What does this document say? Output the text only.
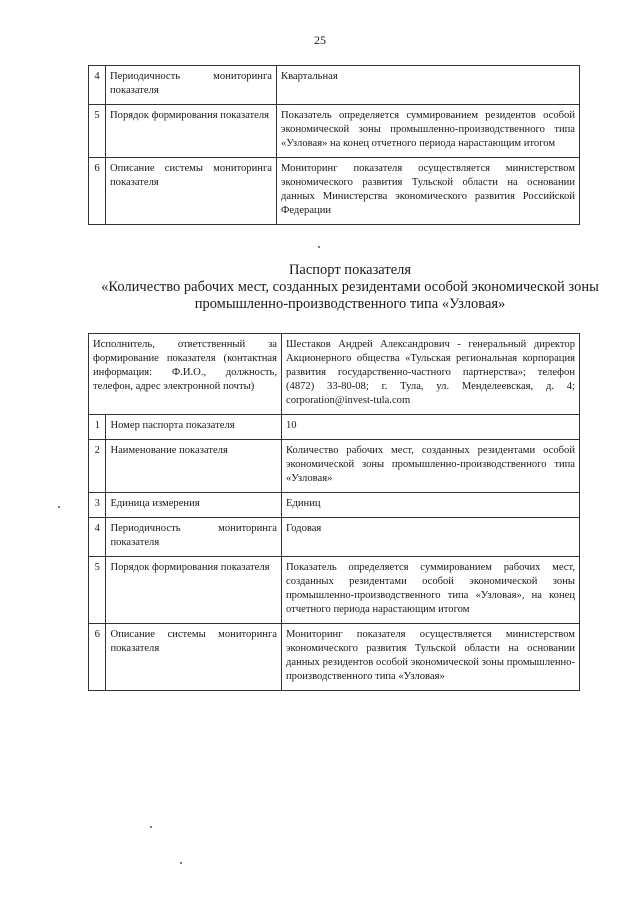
25
4	Периодичность мониторинга показателя	Квартальная
5	Порядок формирования показателя	Показатель определяется суммированием резидентов особой экономической зоны промышленно-производственного типа «Узловая» на конец отчетного периода нарастающим итогом
6	Описание системы мониторинга показателя	Мониторинг показателя осуществляется министерством экономического развития Тульской области на основании данных Министерства экономического развития Российской Федерации
Паспорт показателя
«Количество рабочих мест, созданных резидентами особой экономической зоны промышленно-производственного типа «Узловая»
Исполнитель, ответственный за формирование показателя (контактная информация: Ф.И.О., должность, телефон, адрес электронной почты)		Шестаков Андрей Александрович - генеральный директор Акционерного общества «Тульская региональная корпорация развития государственно-частного партнерства»; телефон (4872) 33-80-08; г. Тула, ул. Менделеевская, д. 4; corporation@invest-tula.com
1	Номер паспорта показателя	10
2	Наименование показателя	Количество рабочих мест, созданных резидентами особой экономической зоны промышленно-производственного типа «Узловая»
3	Единица измерения	Единиц
4	Периодичность мониторинга показателя	Годовая
5	Порядок формирования показателя	Показатель определяется суммированием рабочих мест, созданных резидентами особой экономической зоны промышленно-производственного типа «Узловая», на конец отчетного периода нарастающим итогом
6	Описание системы мониторинга показателя	Мониторинг показателя осуществляется министерством экономического развития Тульской области на основании данных резидентов особой экономической зоны промышленно-производственного типа «Узловая»
